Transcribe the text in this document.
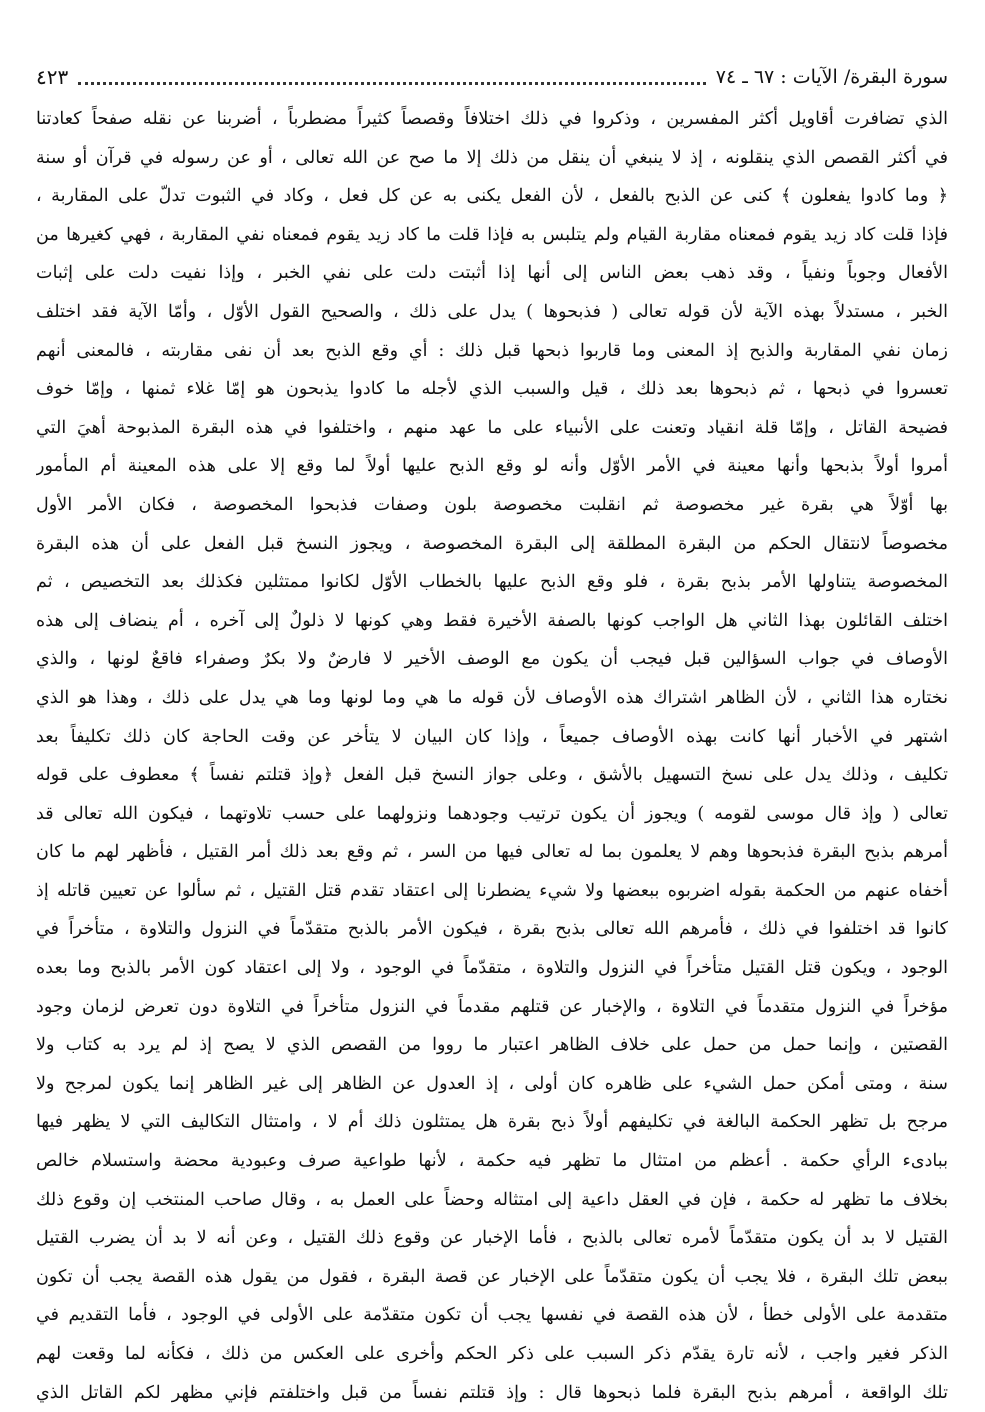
سورة البقرة/ الآيات : ٦٧ ـ ٧٤
٤٢٣
الذي تضافرت أقاويل أكثر المفسرين ، وذكروا في ذلك اختلافاً وقصصاً كثيراً مضطرباً ، أضربنا عن نقله صفحاً كعادتنا
في أكثر القصص الذي ينقلونه ، إذ لا ينبغي أن ينقل من ذلك إلا ما صح عن الله تعالى ، أو عن رسوله في قرآن أو سنة
﴿ وما كادوا يفعلون ﴾ كنى عن الذبح بالفعل ، لأن الفعل يكنى به عن كل فعل ، وكاد في الثبوت تدلّ على المقاربة ،
فإذا قلت كاد زيد يقوم فمعناه مقاربة القيام ولم يتلبس به فإذا قلت ما كاد زيد يقوم فمعناه نفي المقاربة ، فهي كغيرها من
الأفعال وجوباً ونفياً ، وقد ذهب بعض الناس إلى أنها إذا أثبتت دلت على نفي الخبر ، وإذا نفيت دلت على إثبات
الخبر ، مستدلاً بهذه الآية لأن قوله تعالى ( فذبحوها ) يدل على ذلك ، والصحيح القول الأوّل ، وأمّا الآية فقد اختلف
زمان نفي المقاربة والذبح إذ المعنى وما قاربوا ذبحها قبل ذلك : أي وقع الذبح بعد أن نفى مقاربته ، فالمعنى أنهم
تعسروا في ذبحها ، ثم ذبحوها بعد ذلك ، قيل والسبب الذي لأجله ما كادوا يذبحون هو إمّا غلاء ثمنها ، وإمّا خوف
فضيحة القاتل ، وإمّا قلة انقياد وتعنت على الأنبياء على ما عهد منهم ، واختلفوا في هذه البقرة المذبوحة أهيَ التي
أمروا أولاً بذبحها وأنها معينة في الأمر الأوّل وأنه لو وقع الذبح عليها أولاً لما وقع إلا على هذه المعينة أم المأمور
بها أوّلاً هي بقرة غير مخصوصة ثم انقلبت مخصوصة بلون وصفات فذبحوا المخصوصة ، فكان الأمر الأول
مخصوصاً لانتقال الحكم من البقرة المطلقة إلى البقرة المخصوصة ، ويجوز النسخ قبل الفعل على أن هذه البقرة
المخصوصة يتناولها الأمر بذبح بقرة ، فلو وقع الذبح عليها بالخطاب الأوّل لكانوا ممتثلين فكذلك بعد التخصيص ، ثم
اختلف القائلون بهذا الثاني هل الواجب كونها بالصفة الأخيرة فقط وهي كونها لا ذلولٌ إلى آخره ، أم ينضاف إلى هذه
الأوصاف في جواب السؤالين قبل فيجب أن يكون مع الوصف الأخير لا فارضٌ ولا بكرٌ وصفراء فاقعٌ لونها ، والذي
نختاره هذا الثاني ، لأن الظاهر اشتراك هذه الأوصاف لأن قوله ما هي وما لونها وما هي يدل على ذلك ، وهذا هو الذي
اشتهر في الأخبار أنها كانت بهذه الأوصاف جميعاً ، وإذا كان البيان لا يتأخر عن وقت الحاجة كان ذلك تكليفاً بعد
تكليف ، وذلك يدل على نسخ التسهيل بالأشق ، وعلى جواز النسخ قبل الفعل ﴿وإذ قتلتم نفساً ﴾ معطوف على قوله
تعالى ( وإذ قال موسى لقومه ) ويجوز أن يكون ترتيب وجودهما ونزولهما على حسب تلاوتهما ، فيكون الله تعالى قد
أمرهم بذبح البقرة فذبحوها وهم لا يعلمون بما له تعالى فيها من السر ، ثم وقع بعد ذلك أمر القتيل ، فأظهر لهم ما كان
أخفاه عنهم من الحكمة بقوله اضربوه ببعضها ولا شيء يضطرنا إلى اعتقاد تقدم قتل القتيل ، ثم سألوا عن تعيين قاتله إذ
كانوا قد اختلفوا في ذلك ، فأمرهم الله تعالى بذبح بقرة ، فيكون الأمر بالذبح متقدّماً في النزول والتلاوة ، متأخراً في
الوجود ، ويكون قتل القتيل متأخراً في النزول والتلاوة ، متقدّماً في الوجود ، ولا إلى اعتقاد كون الأمر بالذبح وما بعده
مؤخراً في النزول متقدماً في التلاوة ، والإخبار عن قتلهم مقدماً في النزول متأخراً في التلاوة دون تعرض لزمان وجود
القصتين ، وإنما حمل من حمل على خلاف الظاهر اعتبار ما رووا من القصص الذي لا يصح إذ لم يرد به كتاب ولا
سنة ، ومتى أمكن حمل الشيء على ظاهره كان أولى ، إذ العدول عن الظاهر إلى غير الظاهر إنما يكون لمرجح ولا
مرجح بل تظهر الحكمة البالغة في تكليفهم أولاً ذبح بقرة هل يمتثلون ذلك أم لا ، وامتثال التكاليف التي لا يظهر فيها
ببادىء الرأي حكمة . أعظم من امتثال ما تظهر فيه حكمة ، لأنها طواعية صرف وعبودية محضة واستسلام خالص
بخلاف ما تظهر له حكمة ، فإن في العقل داعية إلى امتثاله وحضاً على العمل به ، وقال صاحب المنتخب إن وقوع ذلك
القتيل لا بد أن يكون متقدّماً لأمره تعالى بالذبح ، فأما الإخبار عن وقوع ذلك القتيل ، وعن أنه لا بد أن يضرب القتيل
ببعض تلك البقرة ، فلا يجب أن يكون متقدّماً على الإخبار عن قصة البقرة ، فقول من يقول هذه القصة يجب أن تكون
متقدمة على الأولى خطأ ، لأن هذه القصة في نفسها يجب أن تكون متقدّمة على الأولى في الوجود ، فأما التقديم في
الذكر فغير واجب ، لأنه تارة يقدّم ذكر السبب على ذكر الحكم وأخرى على العكس من ذلك ، فكأنه لما وقعت لهم
تلك الواقعة ، أمرهم بذبح البقرة فلما ذبحوها قال : وإذ قتلتم نفساً من قبل واختلفتم فإني مظهر لكم القاتل الذي
